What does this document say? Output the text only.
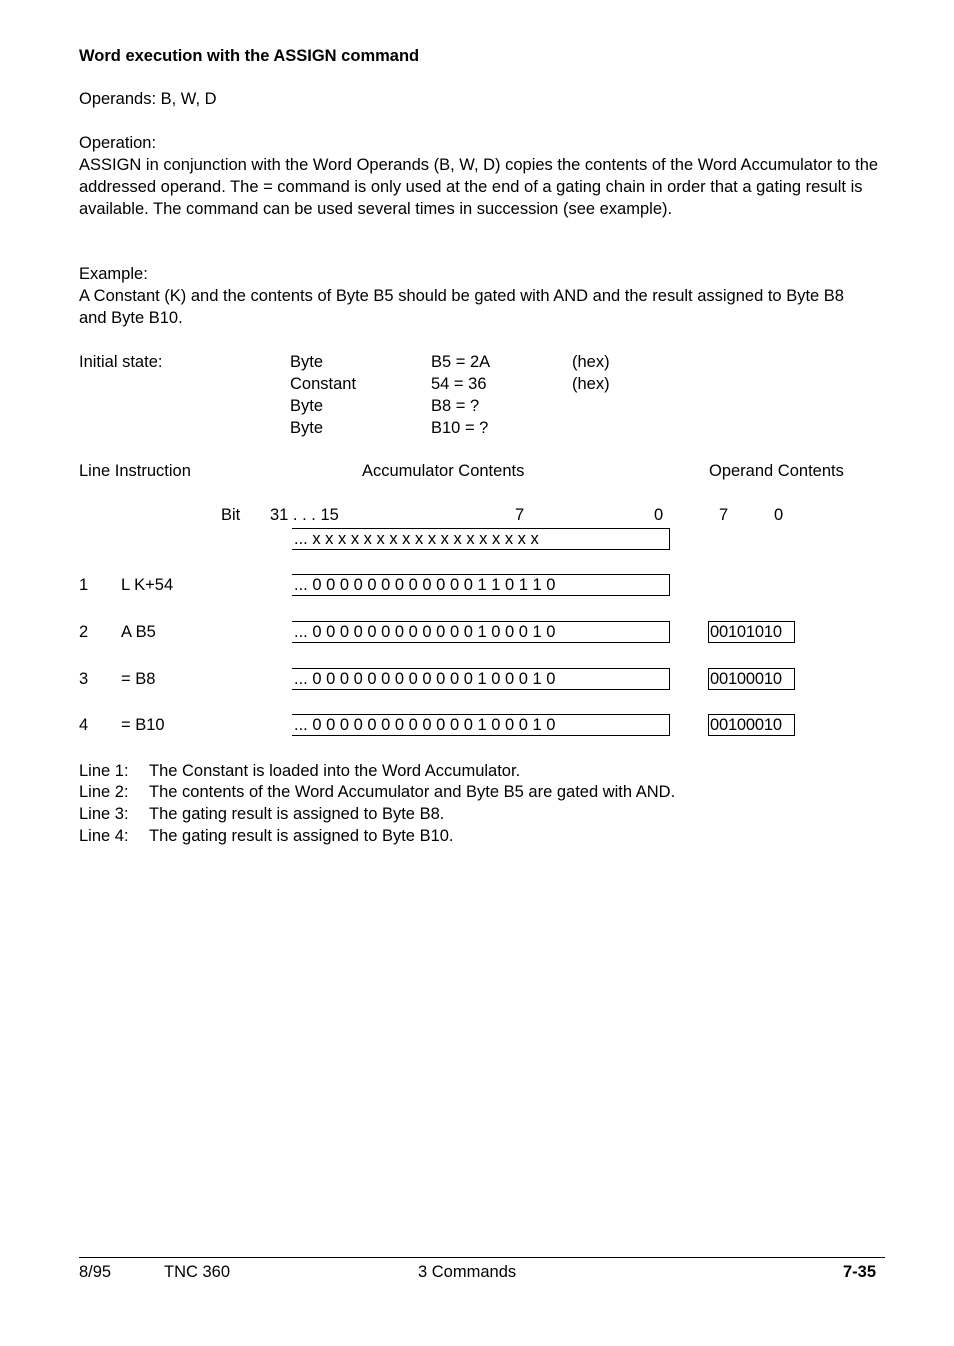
Word execution with the ASSIGN command
Operands: B, W, D
Operation:
ASSIGN in conjunction with the Word Operands (B, W, D) copies the contents of the Word Accumulator to the addressed operand. The = command is only used at the end of a gating chain in order that a gating result is available. The command can be used several times in succession (see example).
Example:
A Constant (K) and the contents of Byte B5 should be gated with AND and the result assigned to Byte B8 and Byte B10.
Initial state:	Byte	B5 = 2A	(hex)
Constant	54 = 36	(hex)
Byte	B8 = ?
Byte	B10 = ?
Line Instruction	Accumulator Contents	Operand Contents
Bit 31 . . . 15	7	0	7	0
... x x x x x x x x x x x x x x x x x x
1 L K+54	... 0 0 0 0 0 0 0 0 0 0 0 0 1 1 0 1 1 0
2 A B5	... 0 0 0 0 0 0 0 0 0 0 0 0 1 0 0 0 1 0	00101010
3 = B8	... 0 0 0 0 0 0 0 0 0 0 0 0 1 0 0 0 1 0	00100010
4 = B10	... 0 0 0 0 0 0 0 0 0 0 0 0 1 0 0 0 1 0	00100010
Line 1: The Constant is loaded into the Word Accumulator.
Line 2: The contents of the Word Accumulator and Byte B5 are gated with AND.
Line 3: The gating result is assigned to Byte B8.
Line 4: The gating result is assigned to Byte B10.
8/95	TNC 360	3 Commands	7-35
